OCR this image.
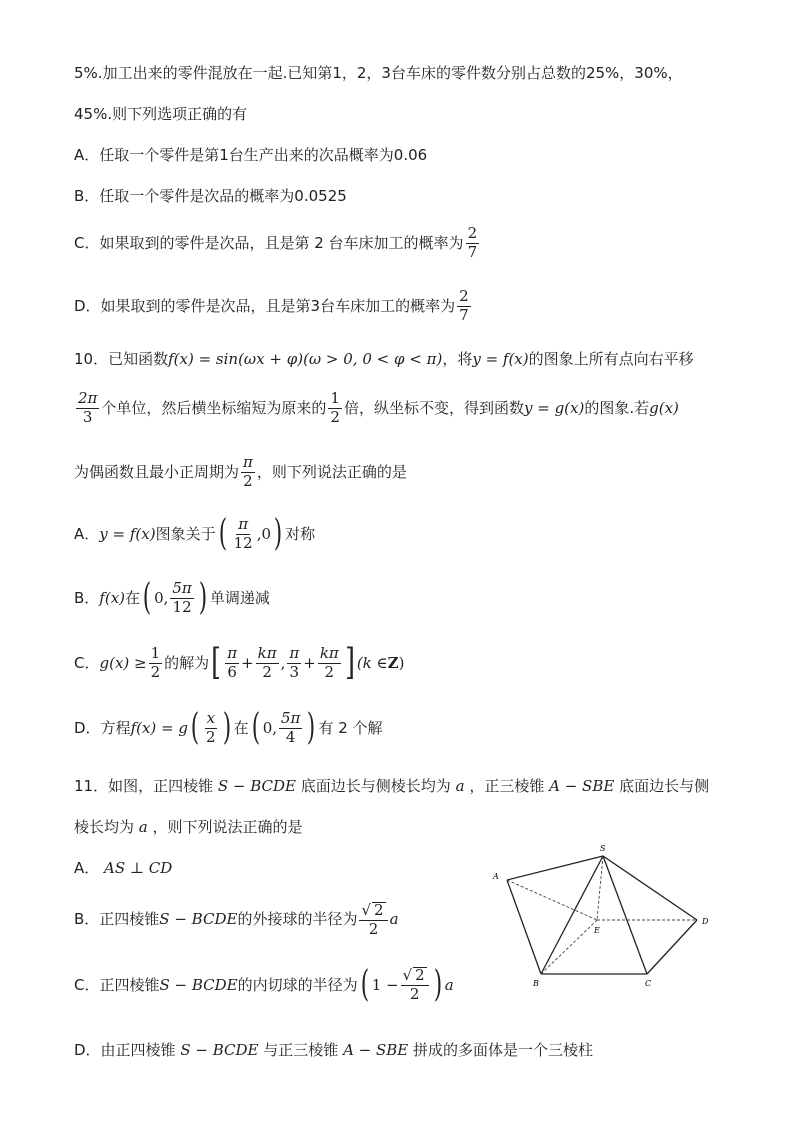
5%.加工出来的零件混放在一起.已知第1，2，3台车床的零件数分别占总数的25%，30%，
45%.则下列选项正确的有
A．任取一个零件是第1台生产出来的次品概率为0.06
B．任取一个零件是次品的概率为0.0525
C．如果取到的零件是次品，且是第 2 台车床加工的概率为 $\frac{2}{7}$
D．如果取到的零件是次品，且是第3台车床加工的概率为 $\frac{2}{7}$
10．已知函数 f(x) = sin(ωx + φ)(ω > 0, 0 < φ < π) ，将 y = f(x) 的图象上所有点向右平移
$\frac{2\pi}{3}$ 个单位，然后横坐标缩短为原来的 $\frac{1}{2}$ 倍，纵坐标不变，得到函数 y = g(x) 的图象.若 g(x)
为偶函数且最小正周期为 $\frac{\pi}{2}$ ，则下列说法正确的是
A． y = f(x) 图象关于 ( $\frac{\pi}{12} ,0$ ) 对称
B． f(x) 在 ( 0, $\frac{5\pi}{12}$ ) 单调递减
C． $g(x) \ge \frac{1}{2}$ 的解为 [ $\frac{\pi}{6} + \frac{k\pi}{2}$ , $\frac{\pi}{3} + \frac{k\pi}{2}$ ] (k ∈ Z )
D．方程 f(x) = g ( $\frac{x}{2}$ ) 在 ( 0, $\frac{5\pi}{4}$ ) 有 2 个解
11．如图，正四棱锥 S − BCDE 底面边长与侧棱长均为 a ，正三棱锥 A − SBE 底面边长与侧
棱长均为 a ，则下列说法正确的是
A． AS ⊥ CD
B．正四棱锥 S − BCDE 的外接球的半径为 $\frac{√ 2}{2}$ a
C．正四棱锥 S − BCDE 的内切球的半径为 ( $1 - \frac{√ 2}{2}$ ) a
D．由正四棱锥 S − BCDE 与正三棱锥 A − SBE 拼成的多面体是一个三棱柱
S
A
B	C
D
E
